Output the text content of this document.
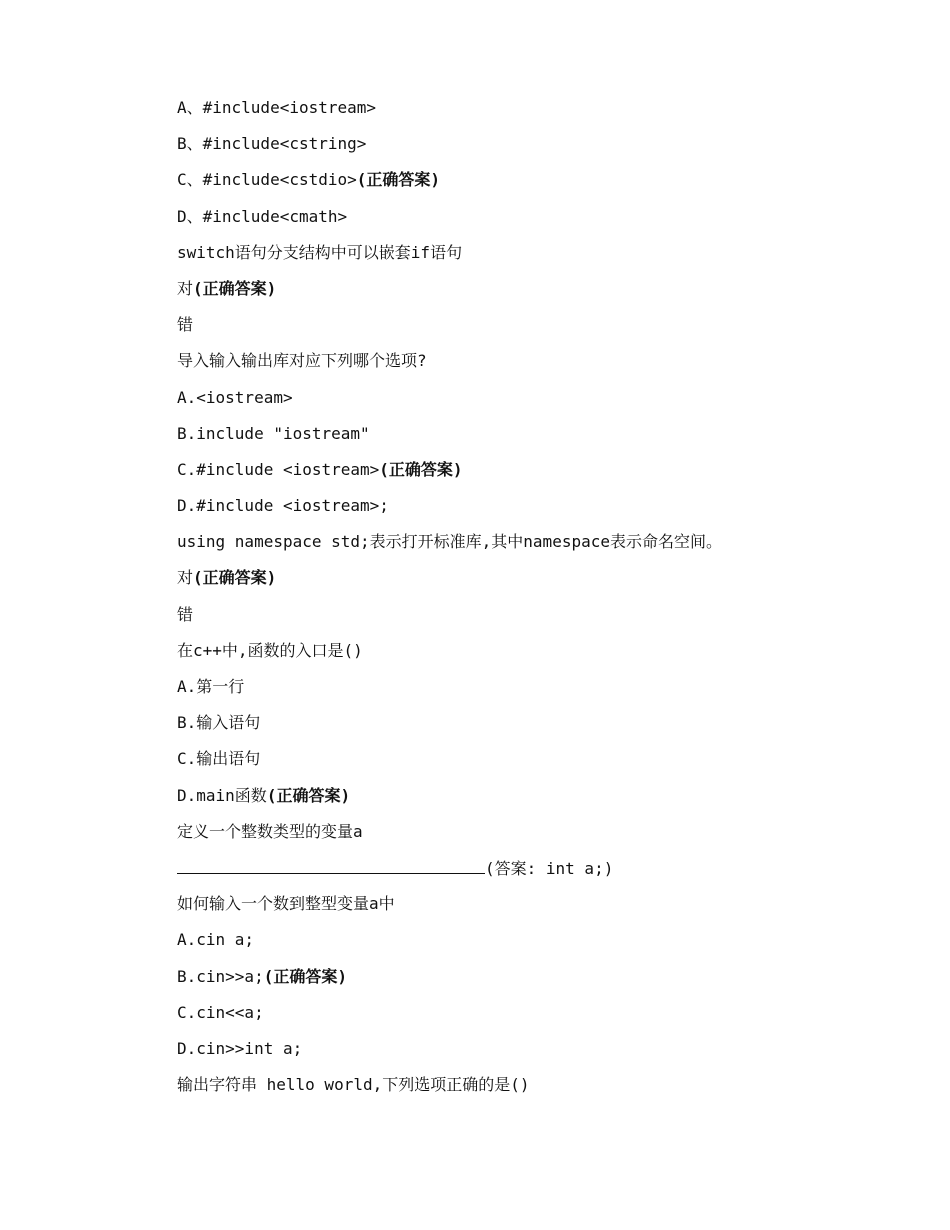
A、#include<iostream>
B、#include<cstring>
C、#include<cstdio>(正确答案)
D、#include<cmath>
switch语句分支结构中可以嵌套if语句
对(正确答案)
错
导入输入输出库对应下列哪个选项?
A.<iostream>
B.include "iostream"
C.#include <iostream>(正确答案)
D.#include <iostream>;
using namespace std;表示打开标准库,其中namespace表示命名空间。
对(正确答案)
错
在c++中,函数的入口是()
A.第一行
B.输入语句
C.输出语句
D.main函数(正确答案)
定义一个整数类型的变量a
(答案: int a;)
如何输入一个数到整型变量a中
A.cin a;
B.cin>>a;(正确答案)
C.cin<<a;
D.cin>>int a;
输出字符串 hello world,下列选项正确的是()
